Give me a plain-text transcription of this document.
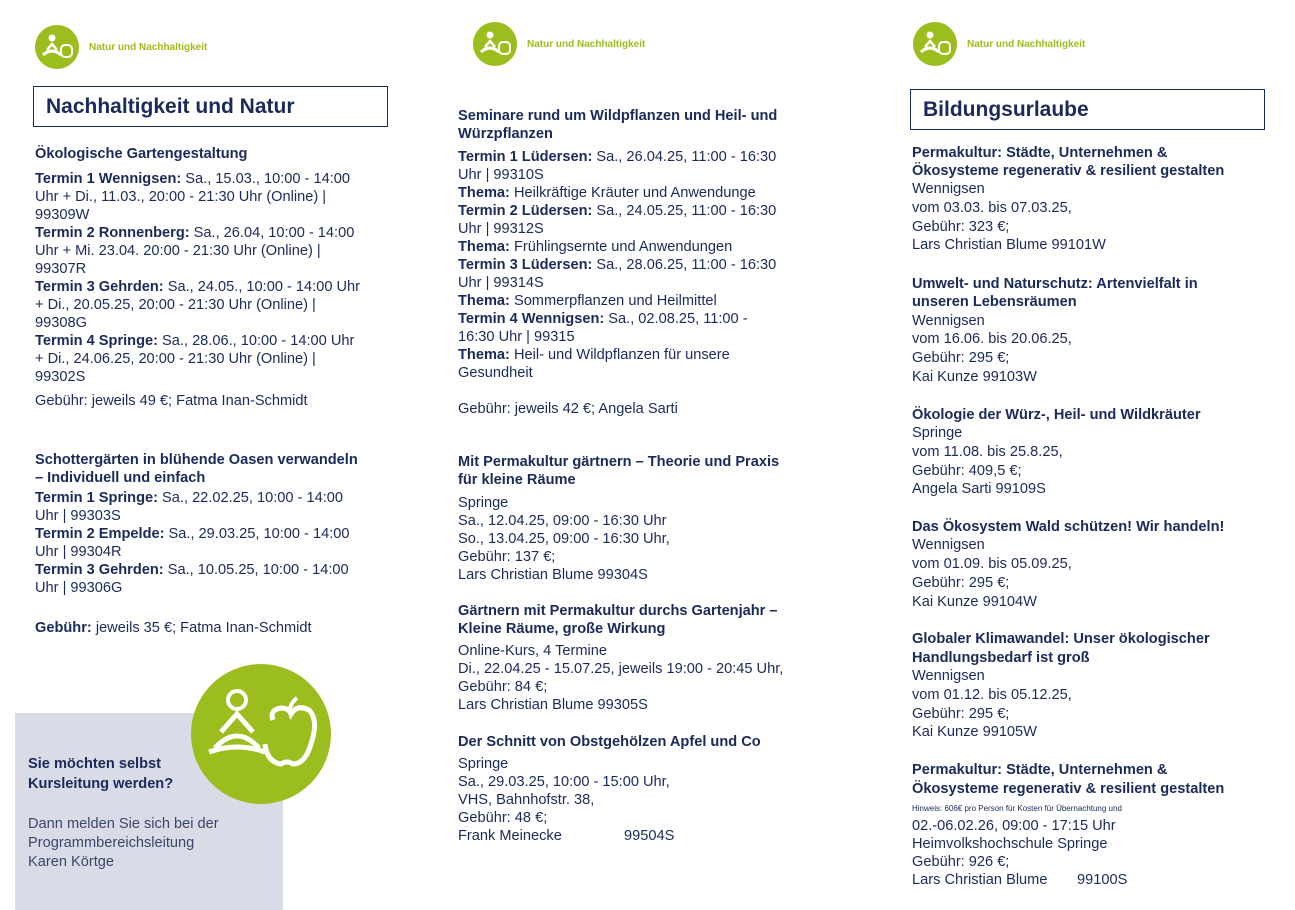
Natur und Nachhaltigkeit	Natur und Nachhaltigkeit	Natur und Nachhaltigkeit
Nachhaltigkeit und Natur
Ökologische Gartengestaltung
Termin 1 Wennigsen: Sa., 15.03., 10:00 - 14:00
Uhr + Di., 11.03., 20:00 - 21:30 Uhr (Online) |
99309W
Termin 2 Ronnenberg: Sa., 26.04, 10:00 - 14:00
Uhr + Mi. 23.04. 20:00 - 21:30 Uhr (Online) |
99307R
Termin 3 Gehrden: Sa., 24.05., 10:00 - 14:00 Uhr
+ Di., 20.05.25, 20:00 - 21:30 Uhr (Online) |
99308G
Termin 4 Springe: Sa., 28.06., 10:00 - 14:00 Uhr
+ Di., 24.06.25, 20:00 - 21:30 Uhr (Online) |
99302S
Gebühr: jeweils 49 €; Fatma Inan-Schmidt
Schottergärten in blühende Oasen verwandeln
– Individuell und einfach
Termin 1 Springe: Sa., 22.02.25, 10:00 - 14:00
Uhr | 99303S
Termin 2 Empelde: Sa., 29.03.25, 10:00 - 14:00
Uhr | 99304R
Termin 3 Gehrden: Sa., 10.05.25, 10:00 - 14:00
Uhr | 99306G
Gebühr: jeweils 35 €; Fatma Inan-Schmidt
Sie möchten selbst
Kursleitung werden?
Dann melden Sie sich bei der
Programmbereichsleitung
Karen Körtge
Seminare rund um Wildpflanzen und Heil- und
Würzpflanzen
Termin 1 Lüdersen: Sa., 26.04.25, 11:00 - 16:30
Uhr | 99310S
Thema: Heilkräftige Kräuter und Anwendunge
Termin 2 Lüdersen: Sa., 24.05.25, 11:00 - 16:30
Uhr | 99312S
Thema: Frühlingsernte und Anwendungen
Termin 3 Lüdersen: Sa., 28.06.25, 11:00 - 16:30
Uhr | 99314S
Thema: Sommerpflanzen und Heilmittel
Termin 4 Wennigsen: Sa., 02.08.25, 11:00 -
16:30 Uhr | 99315
Thema: Heil- und Wildpflanzen für unsere
Gesundheit
Gebühr: jeweils 42 €; Angela Sarti
Mit Permakultur gärtnern – Theorie und Praxis
für kleine Räume
Springe
Sa., 12.04.25, 09:00 - 16:30 Uhr
So., 13.04.25, 09:00 - 16:30 Uhr,
Gebühr: 137 €;
Lars Christian Blume 99304S
Gärtnern mit Permakultur durchs Gartenjahr –
Kleine Räume, große Wirkung
Online-Kurs, 4 Termine
Di., 22.04.25 - 15.07.25, jeweils 19:00 - 20:45 Uhr,
Gebühr: 84 €;
Lars Christian Blume 99305S
Der Schnitt von Obstgehölzen Apfel und Co
Springe
Sa., 29.03.25, 10:00 - 15:00 Uhr,
VHS, Bahnhofstr. 38,
Gebühr: 48 €;
Frank Meinecke	99504S
Bildungsurlaube
Permakultur: Städte, Unternehmen &
Ökosysteme regenerativ & resilient gestalten
Wennigsen
vom 03.03. bis 07.03.25,
Gebühr: 323 €;
Lars Christian Blume 99101W
Umwelt- und Naturschutz: Artenvielfalt in
unseren Lebensräumen
Wennigsen
vom 16.06. bis 20.06.25,
Gebühr: 295 €;
Kai Kunze 99103W
Ökologie der Würz-, Heil- und Wildkräuter
Springe
vom 11.08. bis 25.8.25,
Gebühr: 409,5 €;
Angela Sarti 99109S
Das Ökosystem Wald schützen! Wir handeln!
Wennigsen
vom 01.09. bis 05.09.25,
Gebühr: 295 €;
Kai Kunze 99104W
Globaler Klimawandel: Unser ökologischer
Handlungsbedarf ist groß
Wennigsen
vom 01.12. bis 05.12.25,
Gebühr: 295 €;
Kai Kunze 99105W
Permakultur: Städte, Unternehmen &
Ökosysteme regenerativ & resilient gestalten
Hinweis: 606€ pro Person für Kosten für Übernachtung und
02.-06.02.26, 09:00 - 17:15 Uhr
Heimvolkshochschule Springe
Gebühr: 926 €;
Lars Christian Blume 99100S
